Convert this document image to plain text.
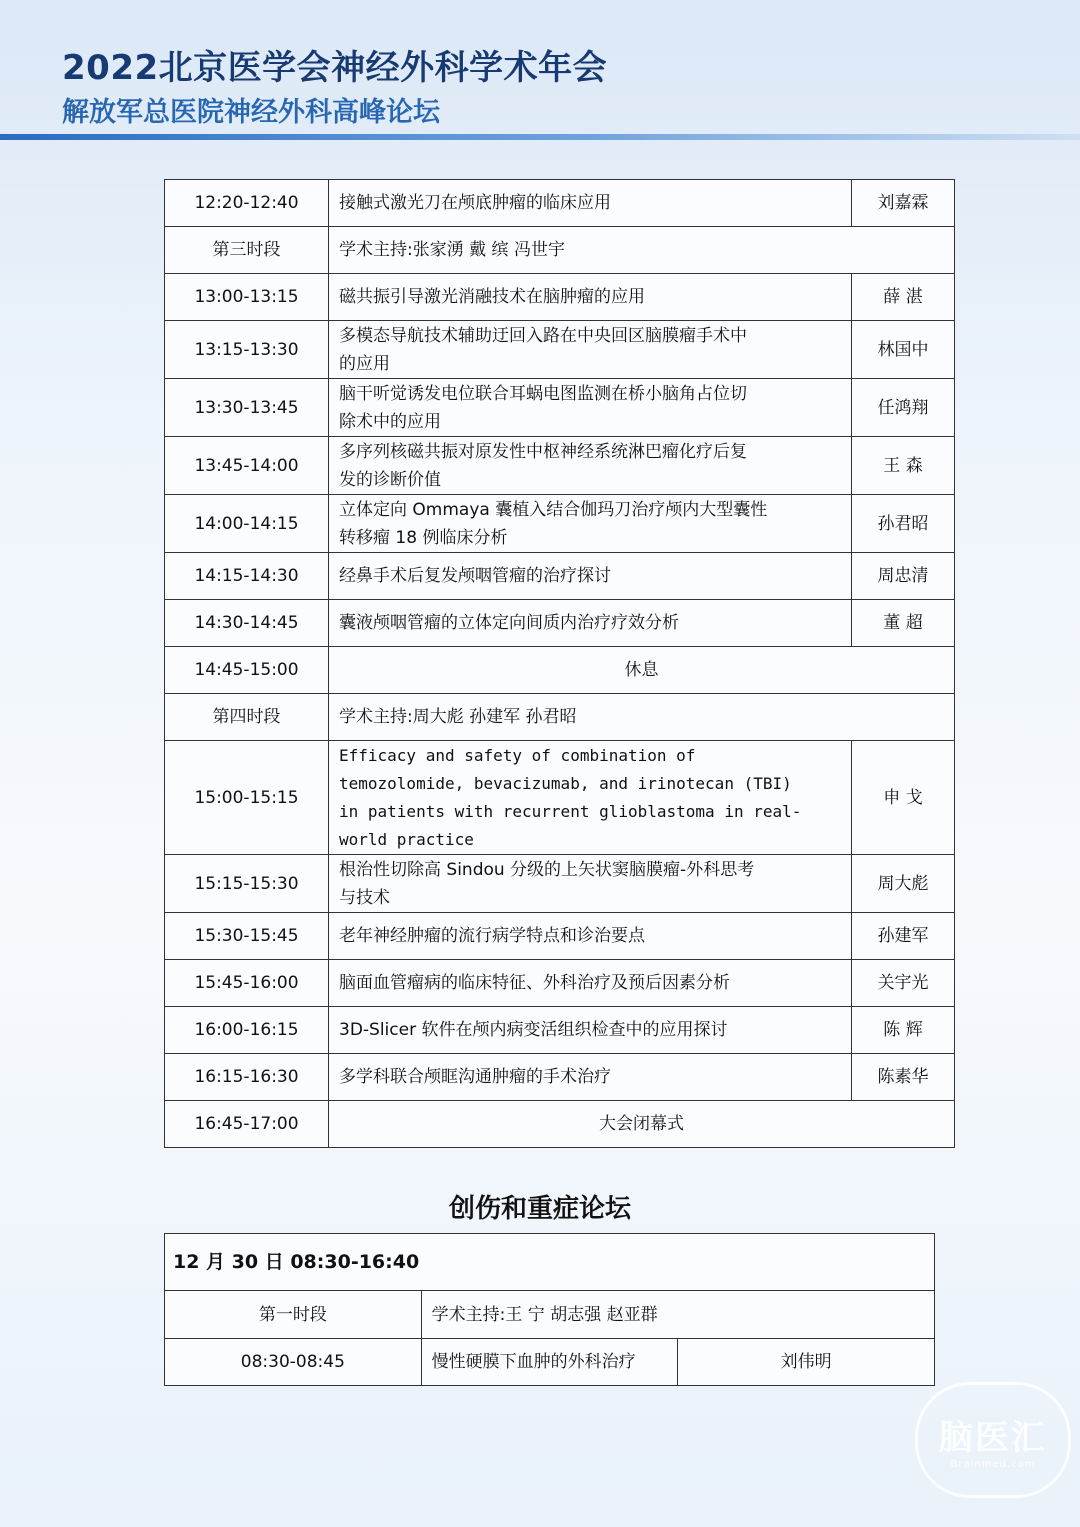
2022北京医学会神经外科学术年会
解放军总医院神经外科高峰论坛
12:20-12:40	接触式激光刀在颅底肿瘤的临床应用	刘嘉霖
第三时段	学术主持:张家湧 戴 缤 冯世宇	
13:00-13:15	磁共振引导激光消融技术在脑肿瘤的应用	薛 湛
13:15-13:30	多模态导航技术辅助迂回入路在中央回区脑膜瘤手术中
的应用	林国中
13:30-13:45	脑干听觉诱发电位联合耳蜗电图监测在桥小脑角占位切
除术中的应用	任鸿翔
13:45-14:00	多序列核磁共振对原发性中枢神经系统淋巴瘤化疗后复
发的诊断价值	王 森
14:00-14:15	立体定向 Ommaya 囊植入结合伽玛刀治疗颅内大型囊性
转移瘤 18 例临床分析	孙君昭
14:15-14:30	经鼻手术后复发颅咽管瘤的治疗探讨	周忠清
14:30-14:45	囊液颅咽管瘤的立体定向间质内治疗疗效分析	董 超
14:45-15:00	休息	
第四时段	学术主持:周大彪 孙建军 孙君昭	
15:00-15:15	Efficacy and safety of combination of
temozolomide, bevacizumab, and irinotecan (TBI)
in patients with recurrent glioblastoma in real-
world practice	申 戈
15:15-15:30	根治性切除高 Sindou 分级的上矢状窦脑膜瘤-外科思考
与技术	周大彪
15:30-15:45	老年神经肿瘤的流行病学特点和诊治要点	孙建军
15:45-16:00	脑面血管瘤病的临床特征、外科治疗及预后因素分析	关宇光
16:00-16:15	3D-Slicer 软件在颅内病变活组织检查中的应用探讨	陈 辉
16:15-16:30	多学科联合颅眶沟通肿瘤的手术治疗	陈素华
16:45-17:00	大会闭幕式	
创伤和重症论坛
12 月 30 日 08:30-16:40		
第一时段	学术主持:王 宁 胡志强 赵亚群	
08:30-08:45	慢性硬膜下血肿的外科治疗	刘伟明
脑医汇
Brainmed.com
